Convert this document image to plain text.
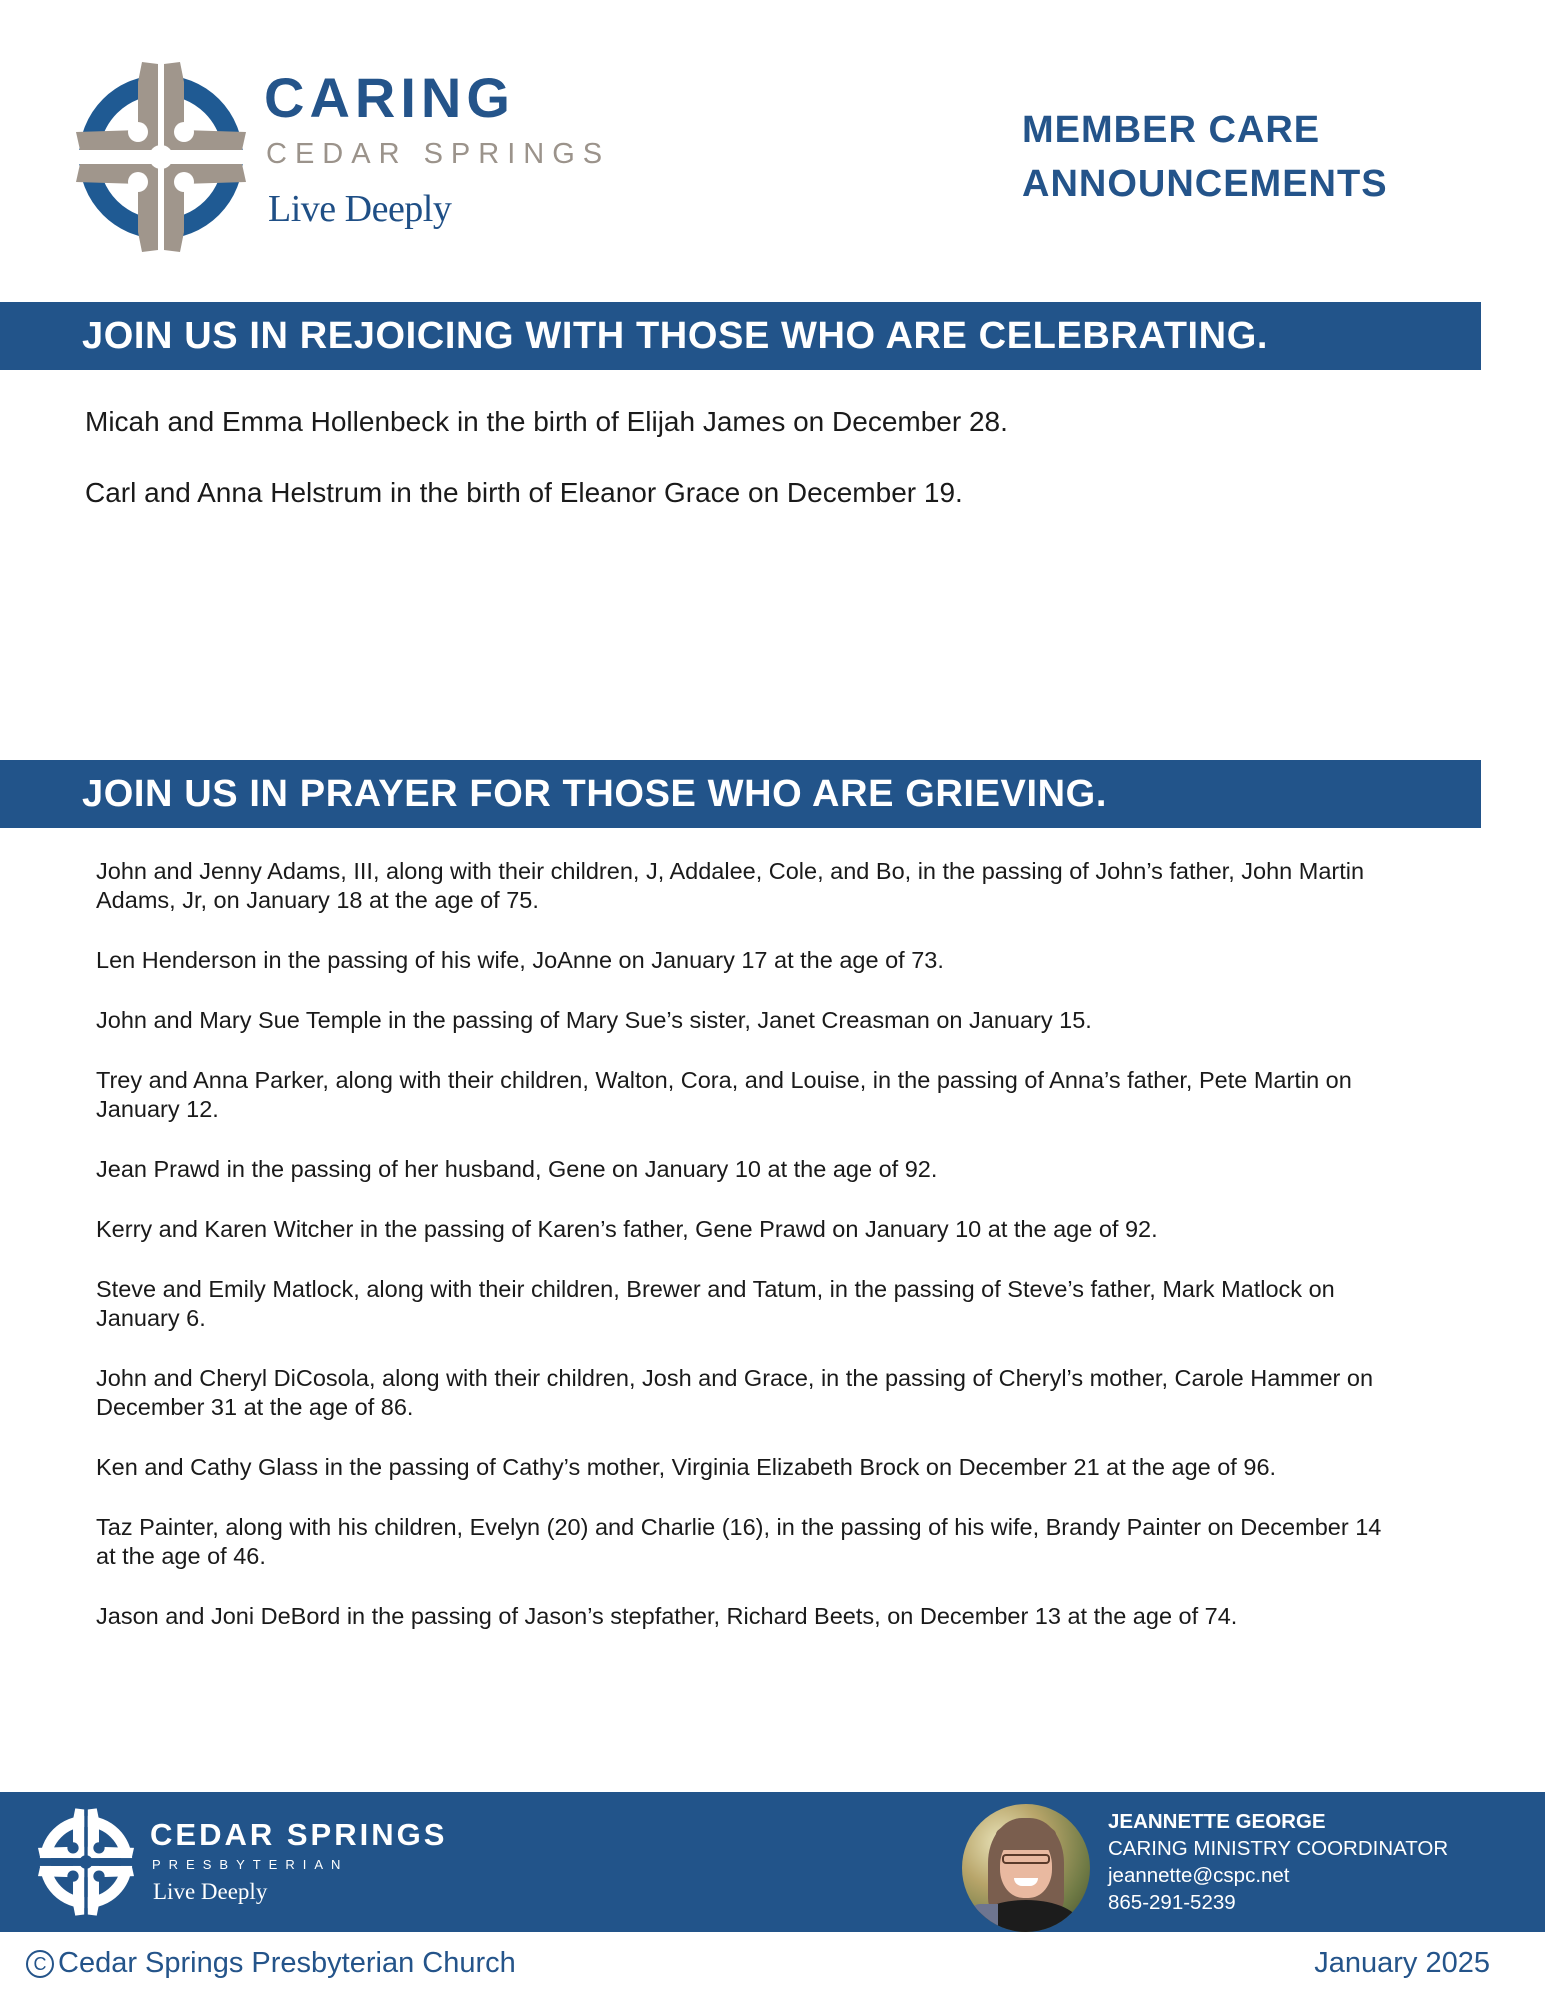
CARING
CEDAR SPRINGS
Live Deeply
MEMBER CARE
ANNOUNCEMENTS
JOIN US IN REJOICING WITH THOSE WHO ARE CELEBRATING.

Micah and Emma Hollenbeck in the birth of Elijah James on December 28.

Carl and Anna Helstrum in the birth of Eleanor Grace on December 19.

JOIN US IN PRAYER FOR THOSE WHO ARE GRIEVING.

John and Jenny Adams, III, along with their children, J, Addalee, Cole, and Bo, in the passing of John’s father, John Martin Adams, Jr, on January 18 at the age of 75.

Len Henderson in the passing of his wife, JoAnne on January 17 at the age of 73.

John and Mary Sue Temple in the passing of Mary Sue’s sister, Janet Creasman on January 15.

Trey and Anna Parker, along with their children, Walton, Cora, and Louise, in the passing of Anna’s father, Pete Martin on January 12.

Jean Prawd in the passing of her husband, Gene on January 10 at the age of 92.

Kerry and Karen Witcher in the passing of Karen’s father, Gene Prawd on January 10 at the age of 92.

Steve and Emily Matlock, along with their children, Brewer and Tatum, in the passing of Steve’s father, Mark Matlock on January 6.

John and Cheryl DiCosola, along with their children, Josh and Grace, in the passing of Cheryl’s mother, Carole Hammer on December 31 at the age of 86.

Ken and Cathy Glass in the passing of Cathy’s mother, Virginia Elizabeth Brock on December 21 at the age of 96.

Taz Painter, along with his children, Evelyn (20) and Charlie (16), in the passing of his wife, Brandy Painter on December 14 at the age of 46.

Jason and Joni DeBord in the passing of Jason’s stepfather, Richard Beets, on December 13 at the age of 74.

CEDAR SPRINGS
PRESBYTERIAN
Live Deeply
JEANNETTE GEORGE
CARING MINISTRY COORDINATOR
jeannette@cspc.net
865-291-5239
C Cedar Springs Presbyterian Church	January 2025
